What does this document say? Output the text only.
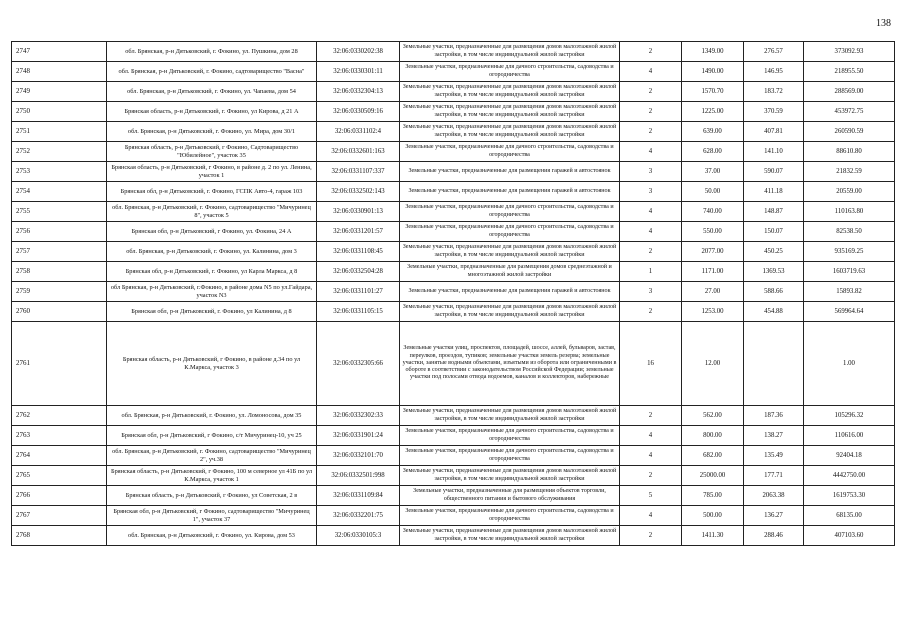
138
2747	обл. Брянская, р-н Дятьковский, г. Фокино, ул. Пушкина, дом 28	32:06:0330202:38	Земельные участки, предназначенные для размещения домов малоэтажной жилой застройки, в том числе индивидуальной жилой застройки	2	1349.00	276.57	373092.93
2748	обл. Брянская, р-н Дятьковский, г. Фокино, садтоварищество "Васна"	32:06:0330301:11	Земельные участки, предназначенные для дачного строительства, садоводства и огородничества	4	1490.00	146.95	218955.50
2749	обл. Брянская, р-н Дятьковский, г. Фокино, ул. Чапаева, дом 54	32:06:0332304:13	Земельные участки, предназначенные для размещения домов малоэтажной жилой застройки, в том числе индивидуальной жилой застройки	2	1570.70	183.72	288569.00
2750	Брянская область, р-н Дятьковский, г. Фокино, ул Кирова, д 21 А	32:06:0330509:16	Земельные участки, предназначенные для размещения домов малоэтажной жилой застройки, в том числе индивидуальной жилой застройки	2	1225.00	370.59	453972.75
2751	обл. Брянская, р-н Дятьковский, г. Фокино, ул. Мира, дом 30/1	32:06:0331102:4	Земельные участки, предназначенные для размещения домов малоэтажной жилой застройки, в том числе индивидуальной жилой застройки	2	639.00	407.81	260590.59
2752	Брянская область, р-н Дятьковский, г Фокино, Садтоварищество "Юбилейное", участок 35	32:06:0332601:163	Земельные участки, предназначенные для дачного строительства, садоводства и огородничества	4	628.00	141.10	88610.80
2753	Брянская область, р-н Дятьковский, г Фокино, в районе д. 2 по ул. Ленина, участок 1	32:06:0331107:337	Земельные участки, предназначенные для размещения гаражей и автостоянок	3	37.00	590.07	21832.59
2754	Брянская обл, р-н Дятьковский, г. Фокино, ГСПК Авто-4, гараж 103	32:06:0332502:143	Земельные участки, предназначенные для размещения гаражей и автостоянок	3	50.00	411.18	20559.00
2755	обл. Брянская, р-н Дятьковский, г. Фокино, садтоварищество "Мичуринец 8", участок 5	32:06:0330901:13	Земельные участки, предназначенные для дачного строительства, садоводства и огородничества	4	740.00	148.87	110163.80
2756	Брянская обл, р-н Дятьковский, г Фокино, ул. Фокина, 24 А	32:06:0331201:57	Земельные участки, предназначенные для дачного строительства, садоводства и огородничества	4	550.00	150.07	82538.50
2757	обл. Брянская, р-н Дятьковский, г. Фокино, ул. Калинина, дом 3	32:06:0331108:45	Земельные участки, предназначенные для размещения домов малоэтажной жилой застройки, в том числе индивидуальной жилой застройки	2	2077.00	450.25	935169.25
2758	Брянская обл, р-н Дятьковский, г. Фокино, ул Карла Маркса, д 8	32:06:0332504:28	Земельные участки, предназначенные для размещения домов среднеэтажной и многоэтажной жилой застройки	1	1171.00	1369.53	1603719.63
2759	обл Брянская, р-н Дятьковский, г.Фокино, в районе дома N5 по ул.Гайдара, участок N3	32:06:0331101:27	Земельные участки, предназначенные для размещения гаражей и автостоянок	3	27.00	588.66	15893.82
2760	Брянская обл, р-н Дятьковский, г. Фокино, ул Калинина, д 8	32:06:0331105:15	Земельные участки, предназначенные для размещения домов малоэтажной жилой застройки, в том числе индивидуальной жилой застройки	2	1253.00	454.88	569964.64
2761	Брянская область, р-н Дятьковский, г Фокино, в районе д.34 по ул К.Маркса, участок 3	32:06:0332305:66	Земельные участки улиц, проспектов, площадей, шоссе, аллей, бульваров, застав, переулков, проездов, тупиков; земельные участки земель резерва; земельные участки, занятые водными объектами, изъятыми из оборота или ограниченными в обороте в соответствии с законодательством Российской Федерации; земельные участки под полосами отвода водоемов, каналов и коллекторов, набережные	16	12.00		1.00
2762	обл. Брянская, р-н Дятьковский, г. Фокино, ул. Ломоносова, дом 35	32:06:0332302:33	Земельные участки, предназначенные для размещения домов малоэтажной жилой застройки, в том числе индивидуальной жилой застройки	2	562.00	187.36	105296.32
2763	Брянская обл, р-н Дятьковский, г Фокино, с/т Мичуринец-10, уч 25	32:06:0331901:24	Земельные участки, предназначенные для дачного строительства, садоводства и огородничества	4	800.00	138.27	110616.00
2764	обл. Брянская, р-н Дятьковский, г. Фокино, садтоварищество "Мичуринец 2", уч.38	32:06:0332101:70	Земельные участки, предназначенные для дачного строительства, садоводства и огородничества	4	682.00	135.49	92404.18
2765	Брянская область, р-н Дятьковский, г Фокино, 100 м северное ул 41Б по ул К.Маркса, участок 1	32:06:0332501:998	Земельные участки, предназначенные для размещения домов малоэтажной жилой застройки, в том числе индивидуальной жилой застройки	2	25000.00	177.71	4442750.00
2766	Брянская область, р-н Дятьковский, г Фокино, ул Советская, 2 в	32:06:0331109:84	Земельные участки, предназначенные для размещения объектов торговли, общественного питания и бытового обслуживания	5	785.00	2063.38	1619753.30
2767	Брянская обл, р-н Дятьковский, г Фокино, садтоварищество "Мичуринец 1", участок 37	32:06:0332201:75	Земельные участки, предназначенные для дачного строительства, садоводства и огородничества	4	500.00	136.27	68135.00
2768	обл. Брянская, р-н Дятьковский, г. Фокино, ул. Кирова, дом 53	32:06:0330105:3	Земельные участки, предназначенные для размещения домов малоэтажной жилой застройки, в том числе индивидуальной жилой застройки	2	1411.30	288.46	407103.60
